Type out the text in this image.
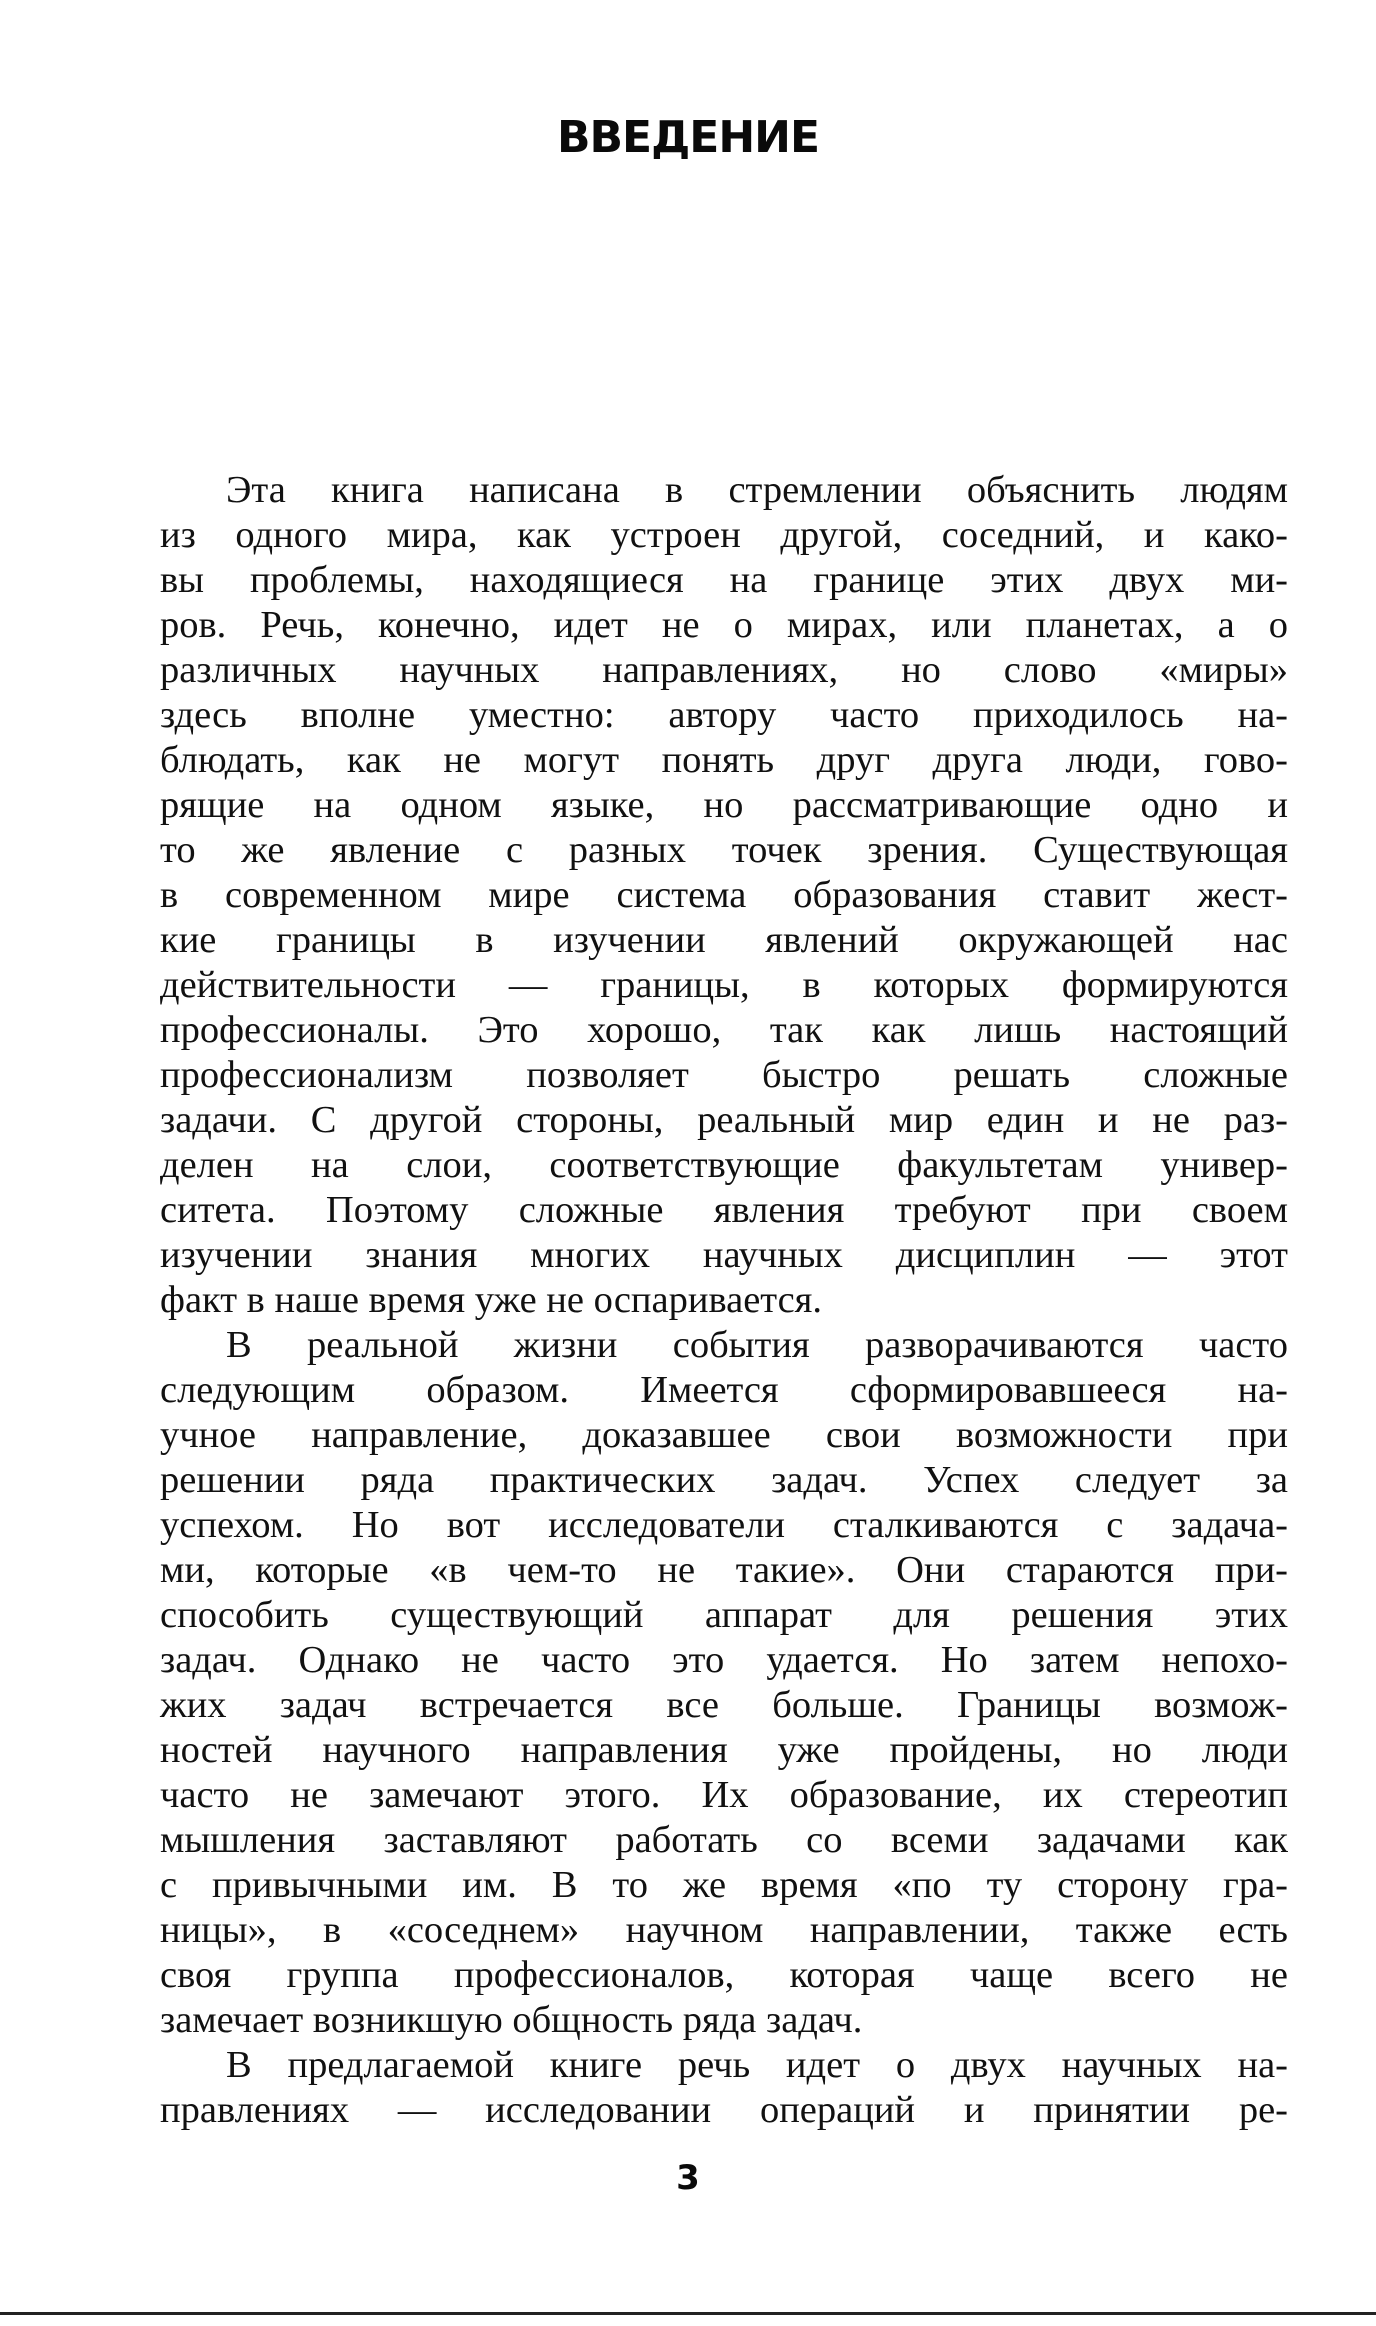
ВВЕДЕНИЕ
Эта книга написана в стремлении объяснить людям
из одного мира, как устроен другой, соседний, и како-
вы проблемы, находящиеся на границе этих двух ми-
ров. Речь, конечно, идет не о мирах, или планетах, а о
различных научных направлениях, но слово «миры»
здесь вполне уместно: автору часто приходилось на-
блюдать, как не могут понять друг друга люди, гово-
рящие на одном языке, но рассматривающие одно и
то же явление с разных точек зрения. Существующая
в современном мире система образования ставит жест-
кие границы в изучении явлений окружающей нас
действительности — границы, в которых формируются
профессионалы. Это хорошо, так как лишь настоящий
профессионализм позволяет быстро решать сложные
задачи. С другой стороны, реальный мир един и не раз-
делен на слои, соответствующие факультетам универ-
ситета. Поэтому сложные явления требуют при своем
изучении знания многих научных дисциплин — этот
факт в наше время уже не оспаривается.
В реальной жизни события разворачиваются часто
следующим образом. Имеется сформировавшееся на-
учное направление, доказавшее свои возможности при
решении ряда практических задач. Успех следует за
успехом. Но вот исследователи сталкиваются с задача-
ми, которые «в чем-то не такие». Они стараются при-
способить существующий аппарат для решения этих
задач. Однако не часто это удается. Но затем непохо-
жих задач встречается все больше. Границы возмож-
ностей научного направления уже пройдены, но люди
часто не замечают этого. Их образование, их стереотип
мышления заставляют работать со всеми задачами как
с привычными им. В то же время «по ту сторону гра-
ницы», в «соседнем» научном направлении, также есть
своя группа профессионалов, которая чаще всего не
замечает возникшую общность ряда задач.
В предлагаемой книге речь идет о двух научных на-
правлениях — исследовании операций и принятии ре-
3
